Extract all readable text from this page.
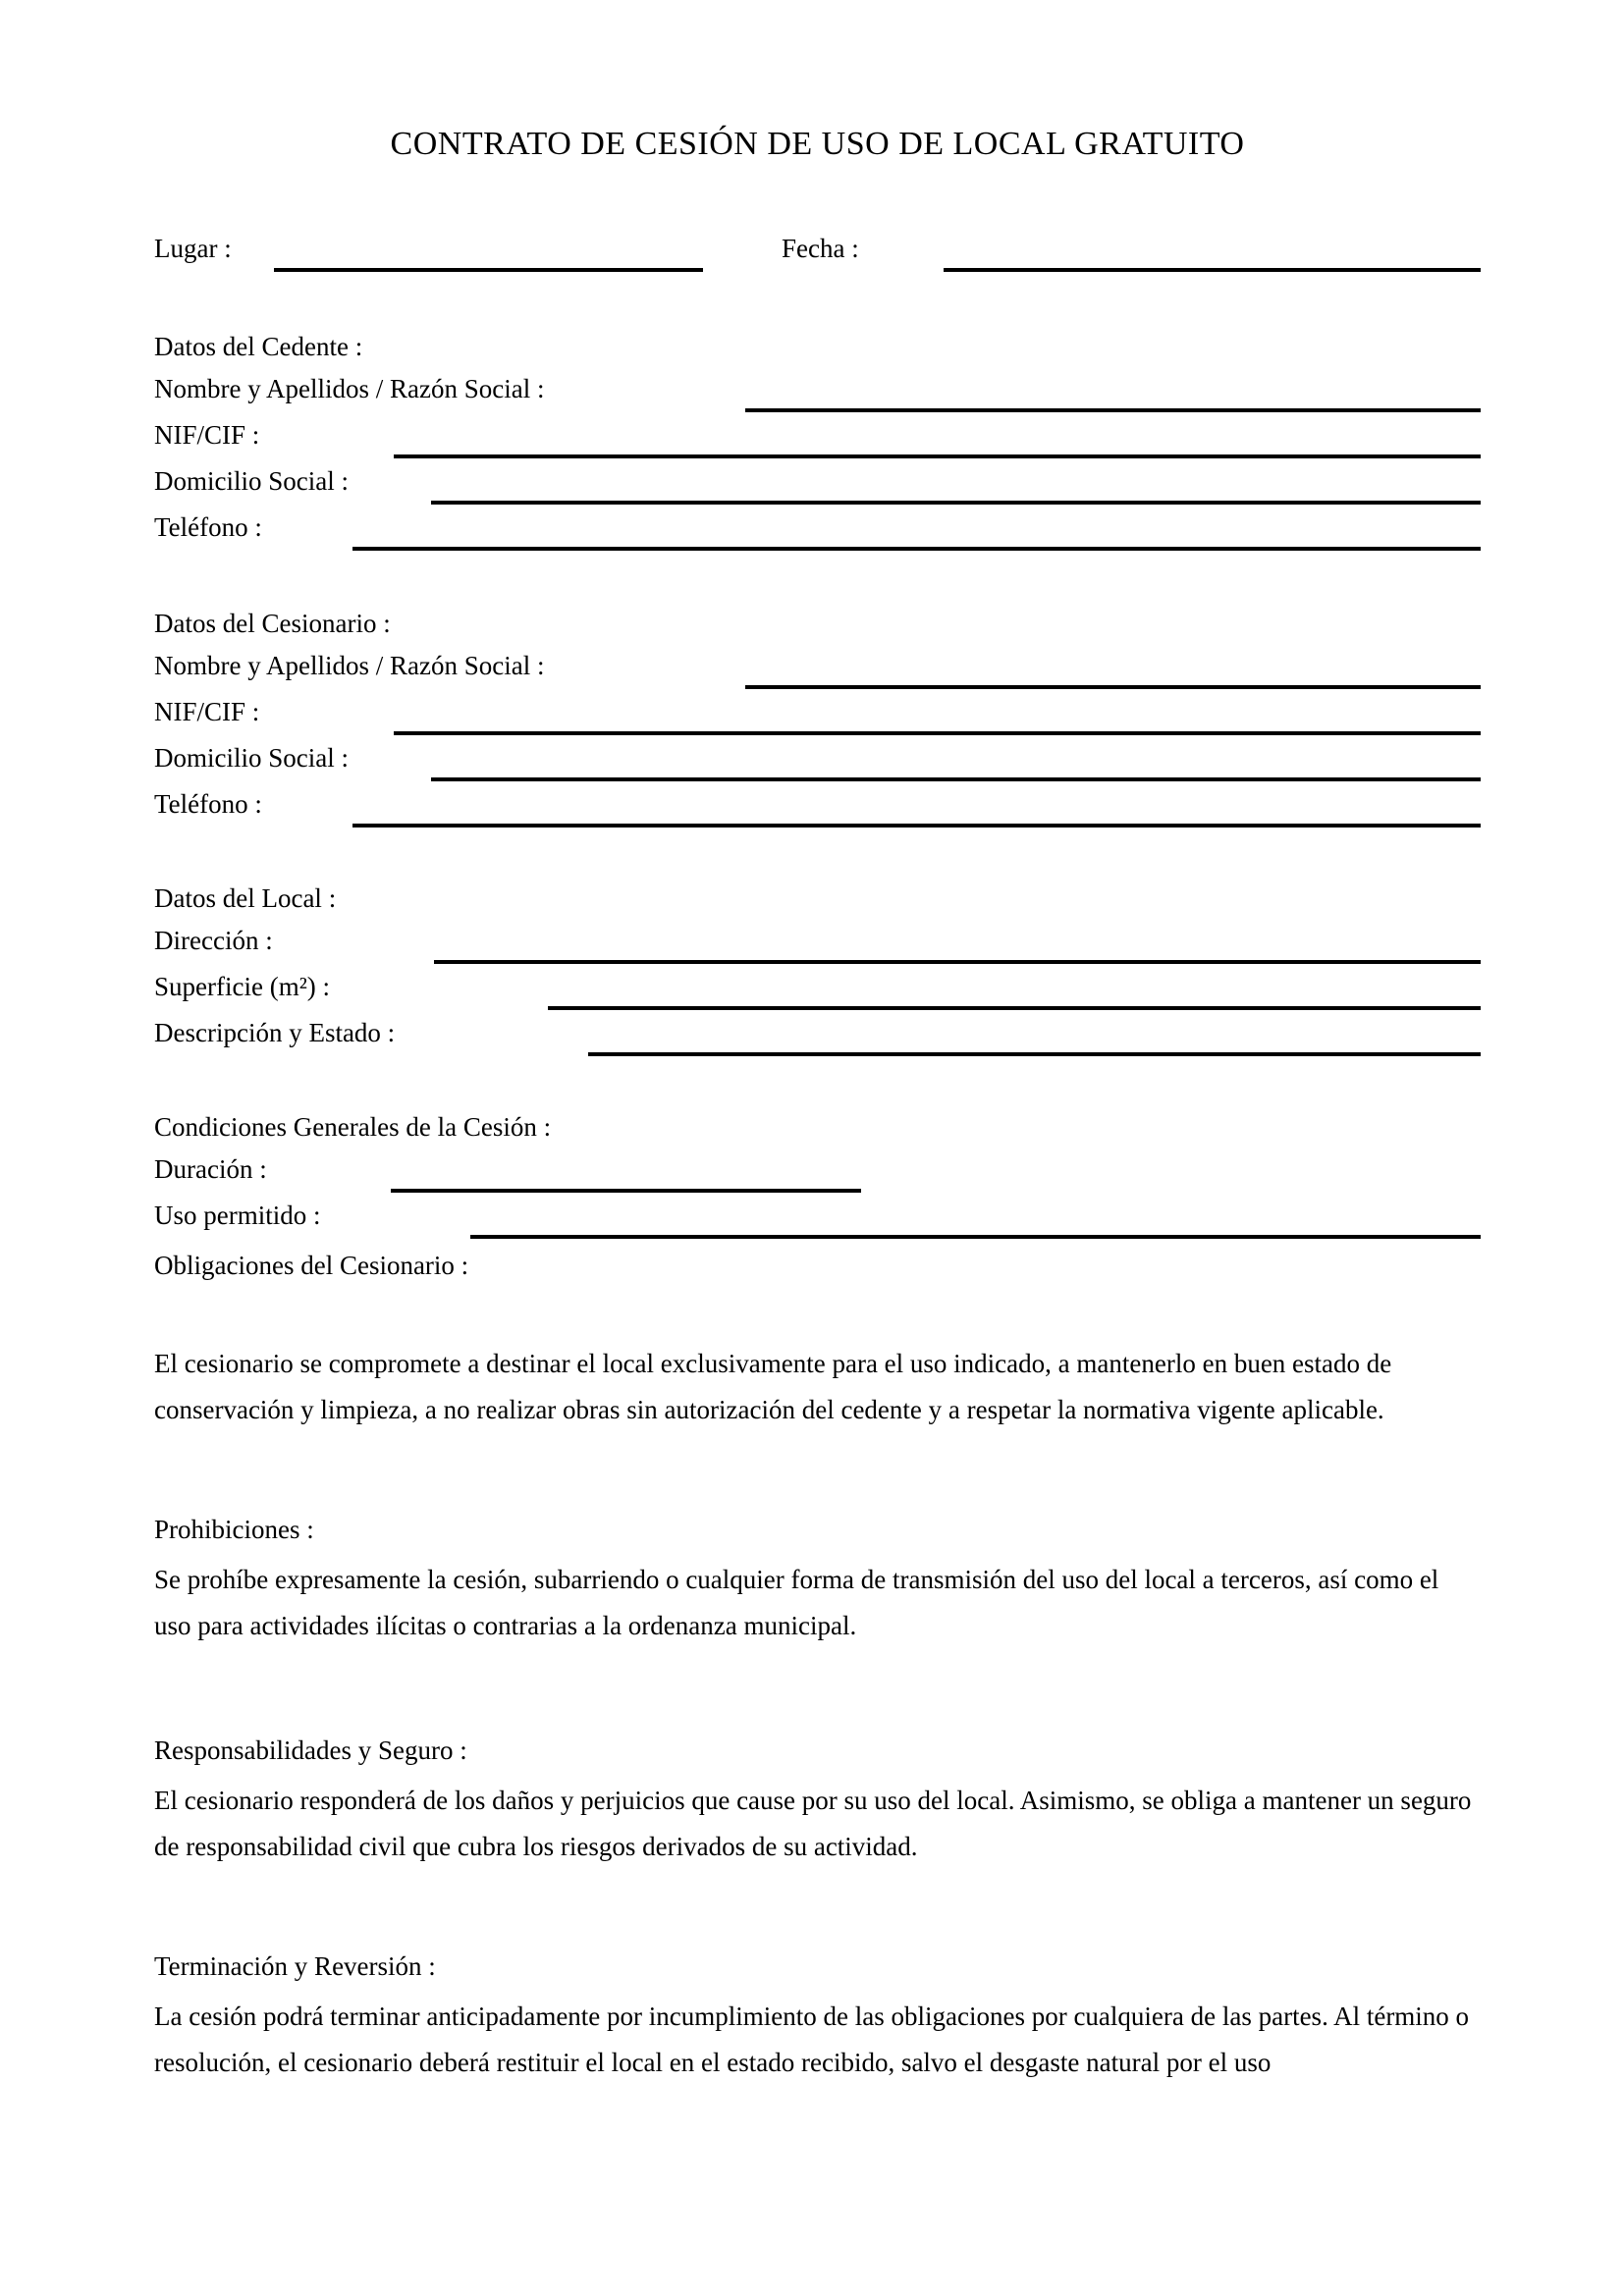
CONTRATO DE CESIÓN DE USO DE LOCAL GRATUITO
Lugar :	Fecha :
Datos del Cedente :
Nombre y Apellidos / Razón Social :
NIF/CIF :
Domicilio Social :
Teléfono :
Datos del Cesionario :
Nombre y Apellidos / Razón Social :
NIF/CIF :
Domicilio Social :
Teléfono :
Datos del Local :
Dirección :
Superficie (m²) :
Descripción y Estado :
Condiciones Generales de la Cesión :
Duración :
Uso permitido :
Obligaciones del Cesionario :
El cesionario se compromete a destinar el local exclusivamente para el uso indicado, a mantenerlo en buen estado de conservación y limpieza, a no realizar obras sin autorización del cedente y a respetar la normativa vigente aplicable.
Prohibiciones :
Se prohíbe expresamente la cesión, subarriendo o cualquier forma de transmisión del uso del local a terceros, así como el uso para actividades ilícitas o contrarias a la ordenanza municipal.
Responsabilidades y Seguro :
El cesionario responderá de los daños y perjuicios que cause por su uso del local. Asimismo, se obliga a mantener un seguro de responsabilidad civil que cubra los riesgos derivados de su actividad.
Terminación y Reversión :
La cesión podrá terminar anticipadamente por incumplimiento de las obligaciones por cualquiera de las partes. Al término o resolución, el cesionario deberá restituir el local en el estado recibido, salvo el desgaste natural por el uso
